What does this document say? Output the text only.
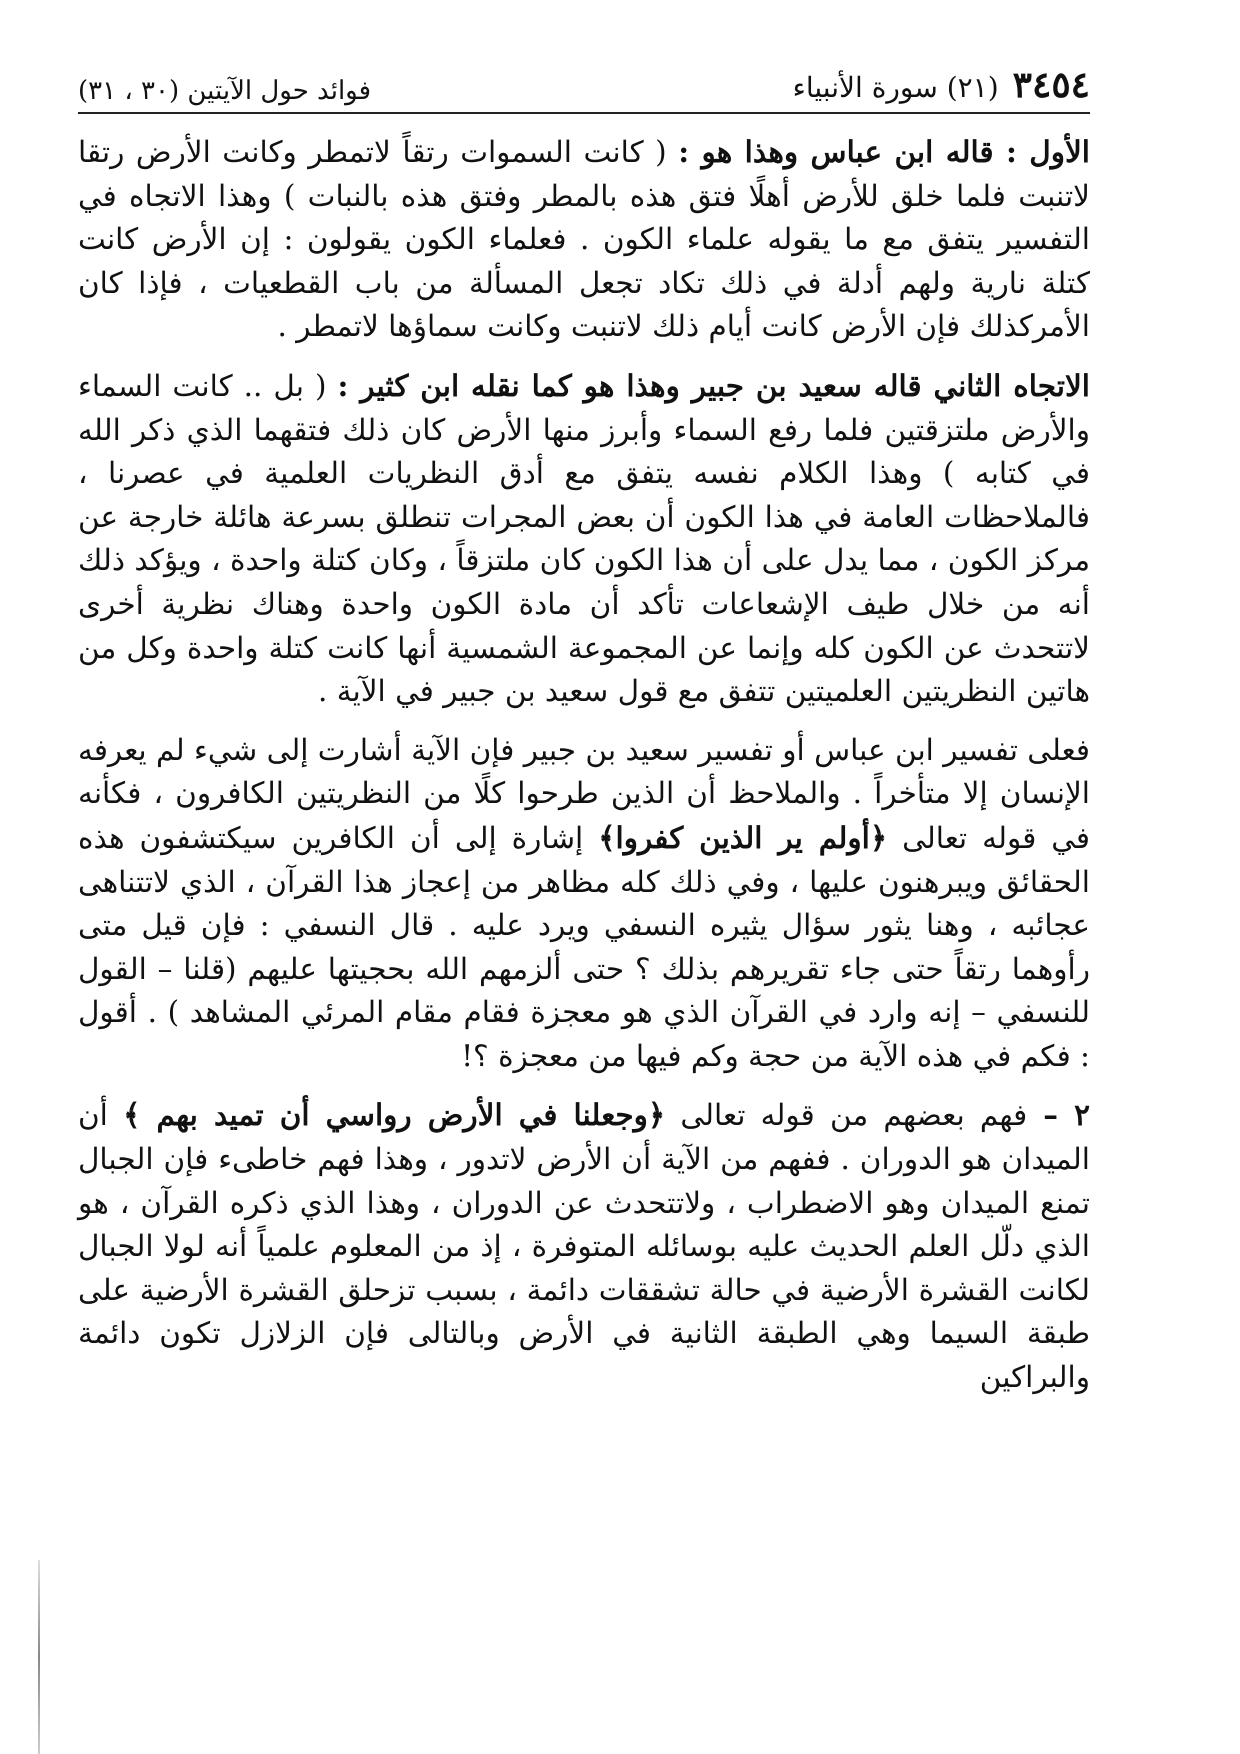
٣٤٥٤
(٢١) سورة الأنبياء
فوائد حول الآيتين (٣٠ ، ٣١)

الأول : قاله ابن عباس وهذا هو : ( كانت السموات رتقاً لاتمطر وكانت الأرض رتقا لاتنبت فلما خلق للأرض أهلًا فتق هذه بالمطر وفتق هذه بالنبات ) وهذا الاتجاه في التفسير يتفق مع ما يقوله علماء الكون . فعلماء الكون يقولون : إن الأرض كانت كتلة نارية ولهم أدلة في ذلك تكاد تجعل المسألة من باب القطعيات ، فإذا كان الأمركذلك فإن الأرض كانت أيام ذلك لاتنبت وكانت سماؤها لاتمطر .

الاتجاه الثاني قاله سعيد بن جبير وهذا هو كما نقله ابن كثير : ( بل .. كانت السماء والأرض ملتزقتين فلما رفع السماء وأبرز منها الأرض كان ذلك فتقهما الذي ذكر الله في كتابه ) وهذا الكلام نفسه يتفق مع أدق النظريات العلمية في عصرنا ، فالملاحظات العامة في هذا الكون أن بعض المجرات تنطلق بسرعة هائلة خارجة عن مركز الكون ، مما يدل على أن هذا الكون كان ملتزقاً ، وكان كتلة واحدة ، ويؤكد ذلك أنه من خلال طيف الإشعاعات تأكد أن مادة الكون واحدة وهناك نظرية أخرى لاتتحدث عن الكون كله وإنما عن المجموعة الشمسية أنها كانت كتلة واحدة وكل من هاتين النظريتين العلميتين تتفق مع قول سعيد بن جبير في الآية .

فعلى تفسير ابن عباس أو تفسير سعيد بن جبير فإن الآية أشارت إلى شيء لم يعرفه الإنسان إلا متأخراً . والملاحظ أن الذين طرحوا كلًا من النظريتين الكافرون ، فكأنه في قوله تعالى ﴿أولم ير الذين كفروا﴾ إشارة إلى أن الكافرين سيكتشفون هذه الحقائق ويبرهنون عليها ، وفي ذلك كله مظاهر من إعجاز هذا القرآن ، الذي لاتتناهى عجائبه ، وهنا يثور سؤال يثيره النسفي ويرد عليه . قال النسفي : فإن قيل متى رأوهما رتقاً حتى جاء تقريرهم بذلك ؟ حتى ألزمهم الله بحجيتها عليهم (قلنا – القول للنسفي – إنه وارد في القرآن الذي هو معجزة فقام مقام المرئي المشاهد ) . أقول : فكم في هذه الآية من حجة وكم فيها من معجزة ؟!

٢ – فهم بعضهم من قوله تعالى ﴿وجعلنا في الأرض رواسي أن تميد بهم ﴾ أن الميدان هو الدوران . ففهم من الآية أن الأرض لاتدور ، وهذا فهم خاطىء فإن الجبال تمنع الميدان وهو الاضطراب ، ولاتتحدث عن الدوران ، وهذا الذي ذكره القرآن ، هو الذي دلّل العلم الحديث عليه بوسائله المتوفرة ، إذ من المعلوم علمياً أنه لولا الجبال لكانت القشرة الأرضية في حالة تشققات دائمة ، بسبب تزحلق القشرة الأرضية على طبقة السيما وهي الطبقة الثانية في الأرض وبالتالى فإن الزلازل تكون دائمة والبراكين
